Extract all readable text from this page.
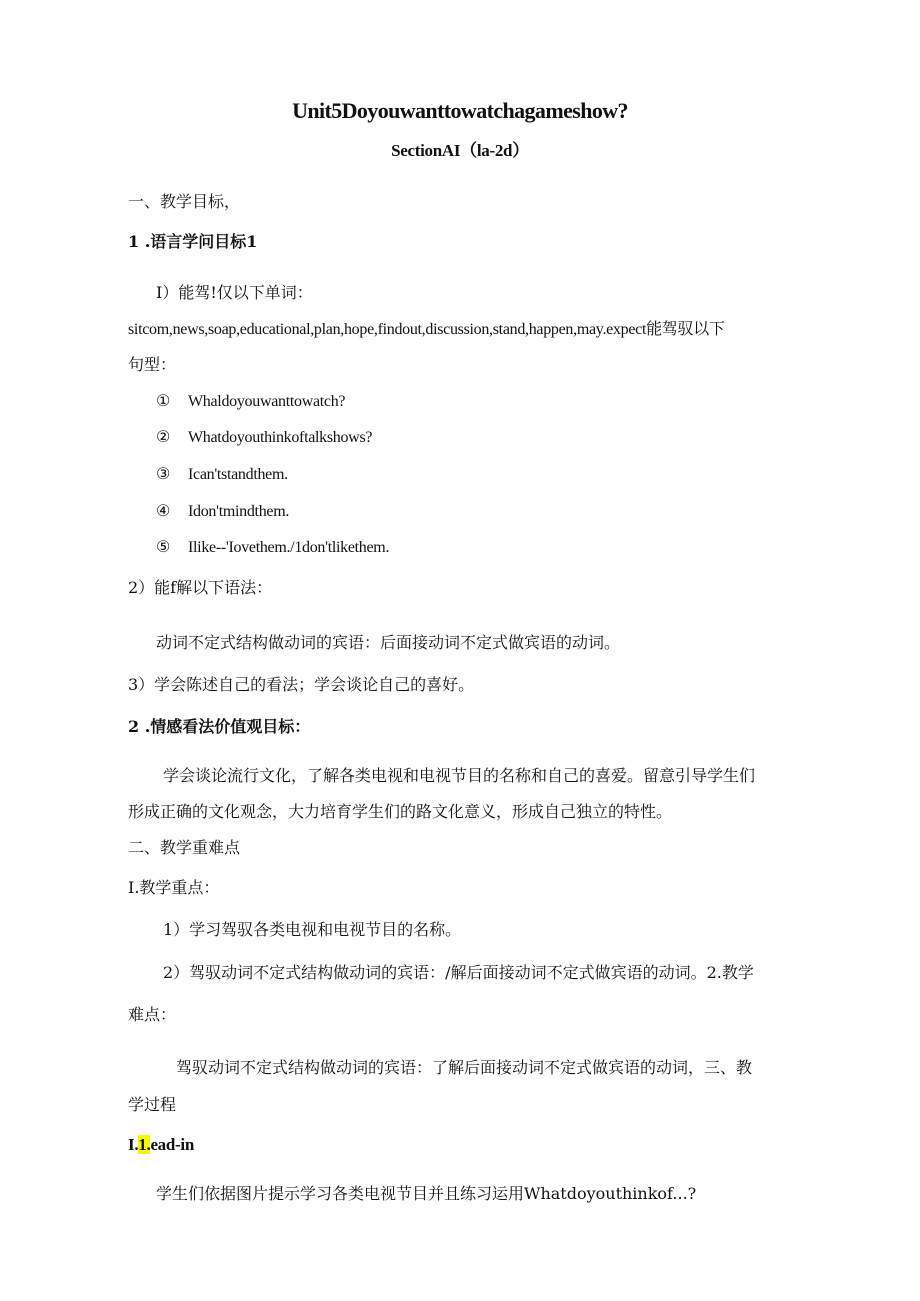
Unit5Doyouwanttowatchagameshow?
SectionAI（la-2d）
一、教学目标，
1 .语言学问目标1
I）能驾!仅以下单词：
sitcom,news,soap,educational,plan,hope,findout,discussion,stand,happen,may.expect能驾驭以下
句型：
① Whaldoyouwanttowatch?
② Whatdoyouthinkoftalkshows?
③ Ican'tstandthem.
④ Idon'tmindthem.
⑤ Ilike--'Iovethem./1don'tlikethem.
2）能f解以下语法：
动词不定式结构做动词的宾语：后面接动词不定式做宾语的动词。
3）学会陈述自己的看法；学会谈论自己的喜好。
2 .情感看法价值观目标：
学会谈论流行文化，了解各类电视和电视节目的名称和自己的喜爱。留意引导学生们
形成正确的文化观念，大力培育学生们的路文化意义，形成自己独立的特性。
二、教学重难点
I.教学重点：
1）学习驾驭各类电视和电视节目的名称。
2）驾驭动词不定式结构做动词的宾语：/解后面接动词不定式做宾语的动词。2.教学
难点：
驾驭动词不定式结构做动词的宾语：了解后面接动词不定式做宾语的动词，三、教
学过程
I.1.ead-in
学生们依据图片提示学习各类电视节目并且练习运用Whatdoyouthinkof...?
